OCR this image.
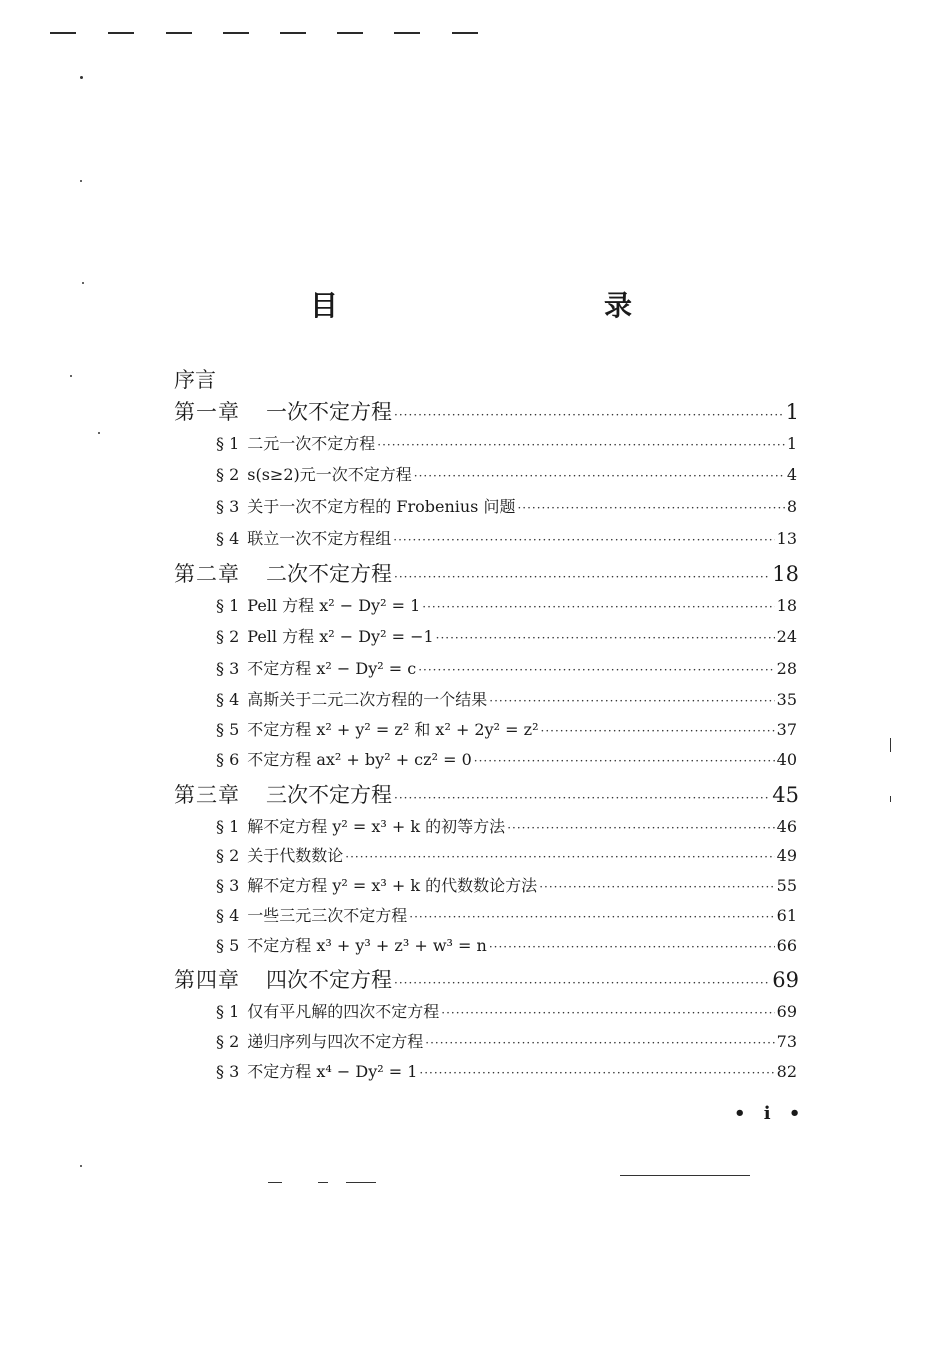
目　　录
序言
第一章 一次不定方程 ·····	1
§ 1 二元一次不定方程 ·····	1
§ 2 s(s≥2)元一次不定方程 ·····	4
§ 3 关于一次不定方程的 Frobenius 问题 ·····	8
§ 4 联立一次不定方程组 ·····	13
第二章 二次不定方程 ·····	18
§ 1 Pell 方程 x² − Dy² = 1 ·····	18
§ 2 Pell 方程 x² − Dy² = −1 ·····	24
§ 3 不定方程 x² − Dy² = c ·····	28
§ 4 高斯关于二元二次方程的一个结果 ·····	35
§ 5 不定方程 x² + y² = z² 和 x² + 2y² = z² ·····	37
§ 6 不定方程 ax² + by² + cz² = 0 ·····	40
第三章 三次不定方程 ·····	45
§ 1 解不定方程 y² = x³ + k 的初等方法 ·····	46
§ 2 关于代数数论 ·····	49
§ 3 解不定方程 y² = x³ + k 的代数数论方法 ·····	55
§ 4 一些三元三次不定方程 ·····	61
§ 5 不定方程 x³ + y³ + z³ + w³ = n ·····	66
第四章 四次不定方程 ·····	69
§ 1 仅有平凡解的四次不定方程 ·····	69
§ 2 递归序列与四次不定方程 ·····	73
§ 3 不定方程 x⁴ − Dy² = 1 ·····	82
• i •
